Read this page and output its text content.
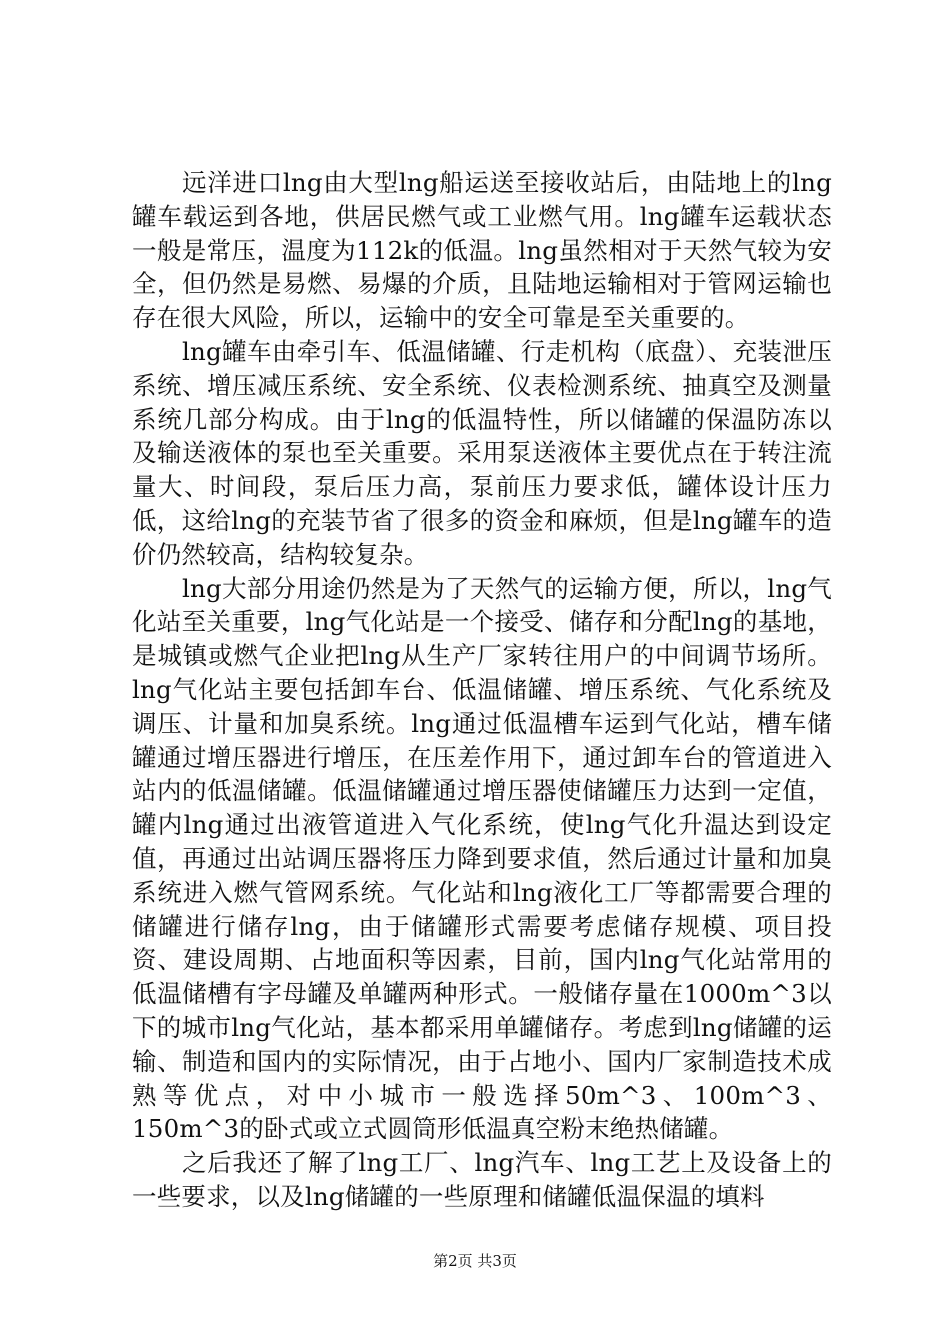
远洋进口lng由大型lng船运送至接收站后，由陆地上的lng罐车载运到各地，供居民燃气或工业燃气用。lng罐车运载状态一般是常压，温度为112k的低温。lng虽然相对于天然气较为安全，但仍然是易燃、易爆的介质，且陆地运输相对于管网运输也存在很大风险，所以，运输中的安全可靠是至关重要的。

lng罐车由牵引车、低温储罐、行走机构（底盘）、充装泄压系统、增压减压系统、安全系统、仪表检测系统、抽真空及测量系统几部分构成。由于lng的低温特性，所以储罐的保温防冻以及输送液体的泵也至关重要。采用泵送液体主要优点在于转注流量大、时间段，泵后压力高，泵前压力要求低，罐体设计压力低，这给lng的充装节省了很多的资金和麻烦，但是lng罐车的造价仍然较高，结构较复杂。

lng大部分用途仍然是为了天然气的运输方便，所以，lng气化站至关重要，lng气化站是一个接受、储存和分配lng的基地，是城镇或燃气企业把lng从生产厂家转往用户的中间调节场所。lng气化站主要包括卸车台、低温储罐、增压系统、气化系统及调压、计量和加臭系统。lng通过低温槽车运到气化站，槽车储罐通过增压器进行增压，在压差作用下，通过卸车台的管道进入站内的低温储罐。低温储罐通过增压器使储罐压力达到一定值，罐内lng通过出液管道进入气化系统，使lng气化升温达到设定值，再通过出站调压器将压力降到要求值，然后通过计量和加臭系统进入燃气管网系统。气化站和lng液化工厂等都需要合理的储罐进行储存lng，由于储罐形式需要考虑储存规模、项目投资、建设周期、占地面积等因素，目前，国内lng气化站常用的低温储槽有字母罐及单罐两种形式。一般储存量在1000m^3以下的城市lng气化站，基本都采用单罐储存。考虑到lng储罐的运输、制造和国内的实际情况，由于占地小、国内厂家制造技术成熟等优点，对中小城市一般选择50m^3、100m^3、150m^3的卧式或立式圆筒形低温真空粉末绝热储罐。

之后我还了解了lng工厂、lng汽车、lng工艺上及设备上的一些要求，以及lng储罐的一些原理和储罐低温保温的填料

第2页 共3页
